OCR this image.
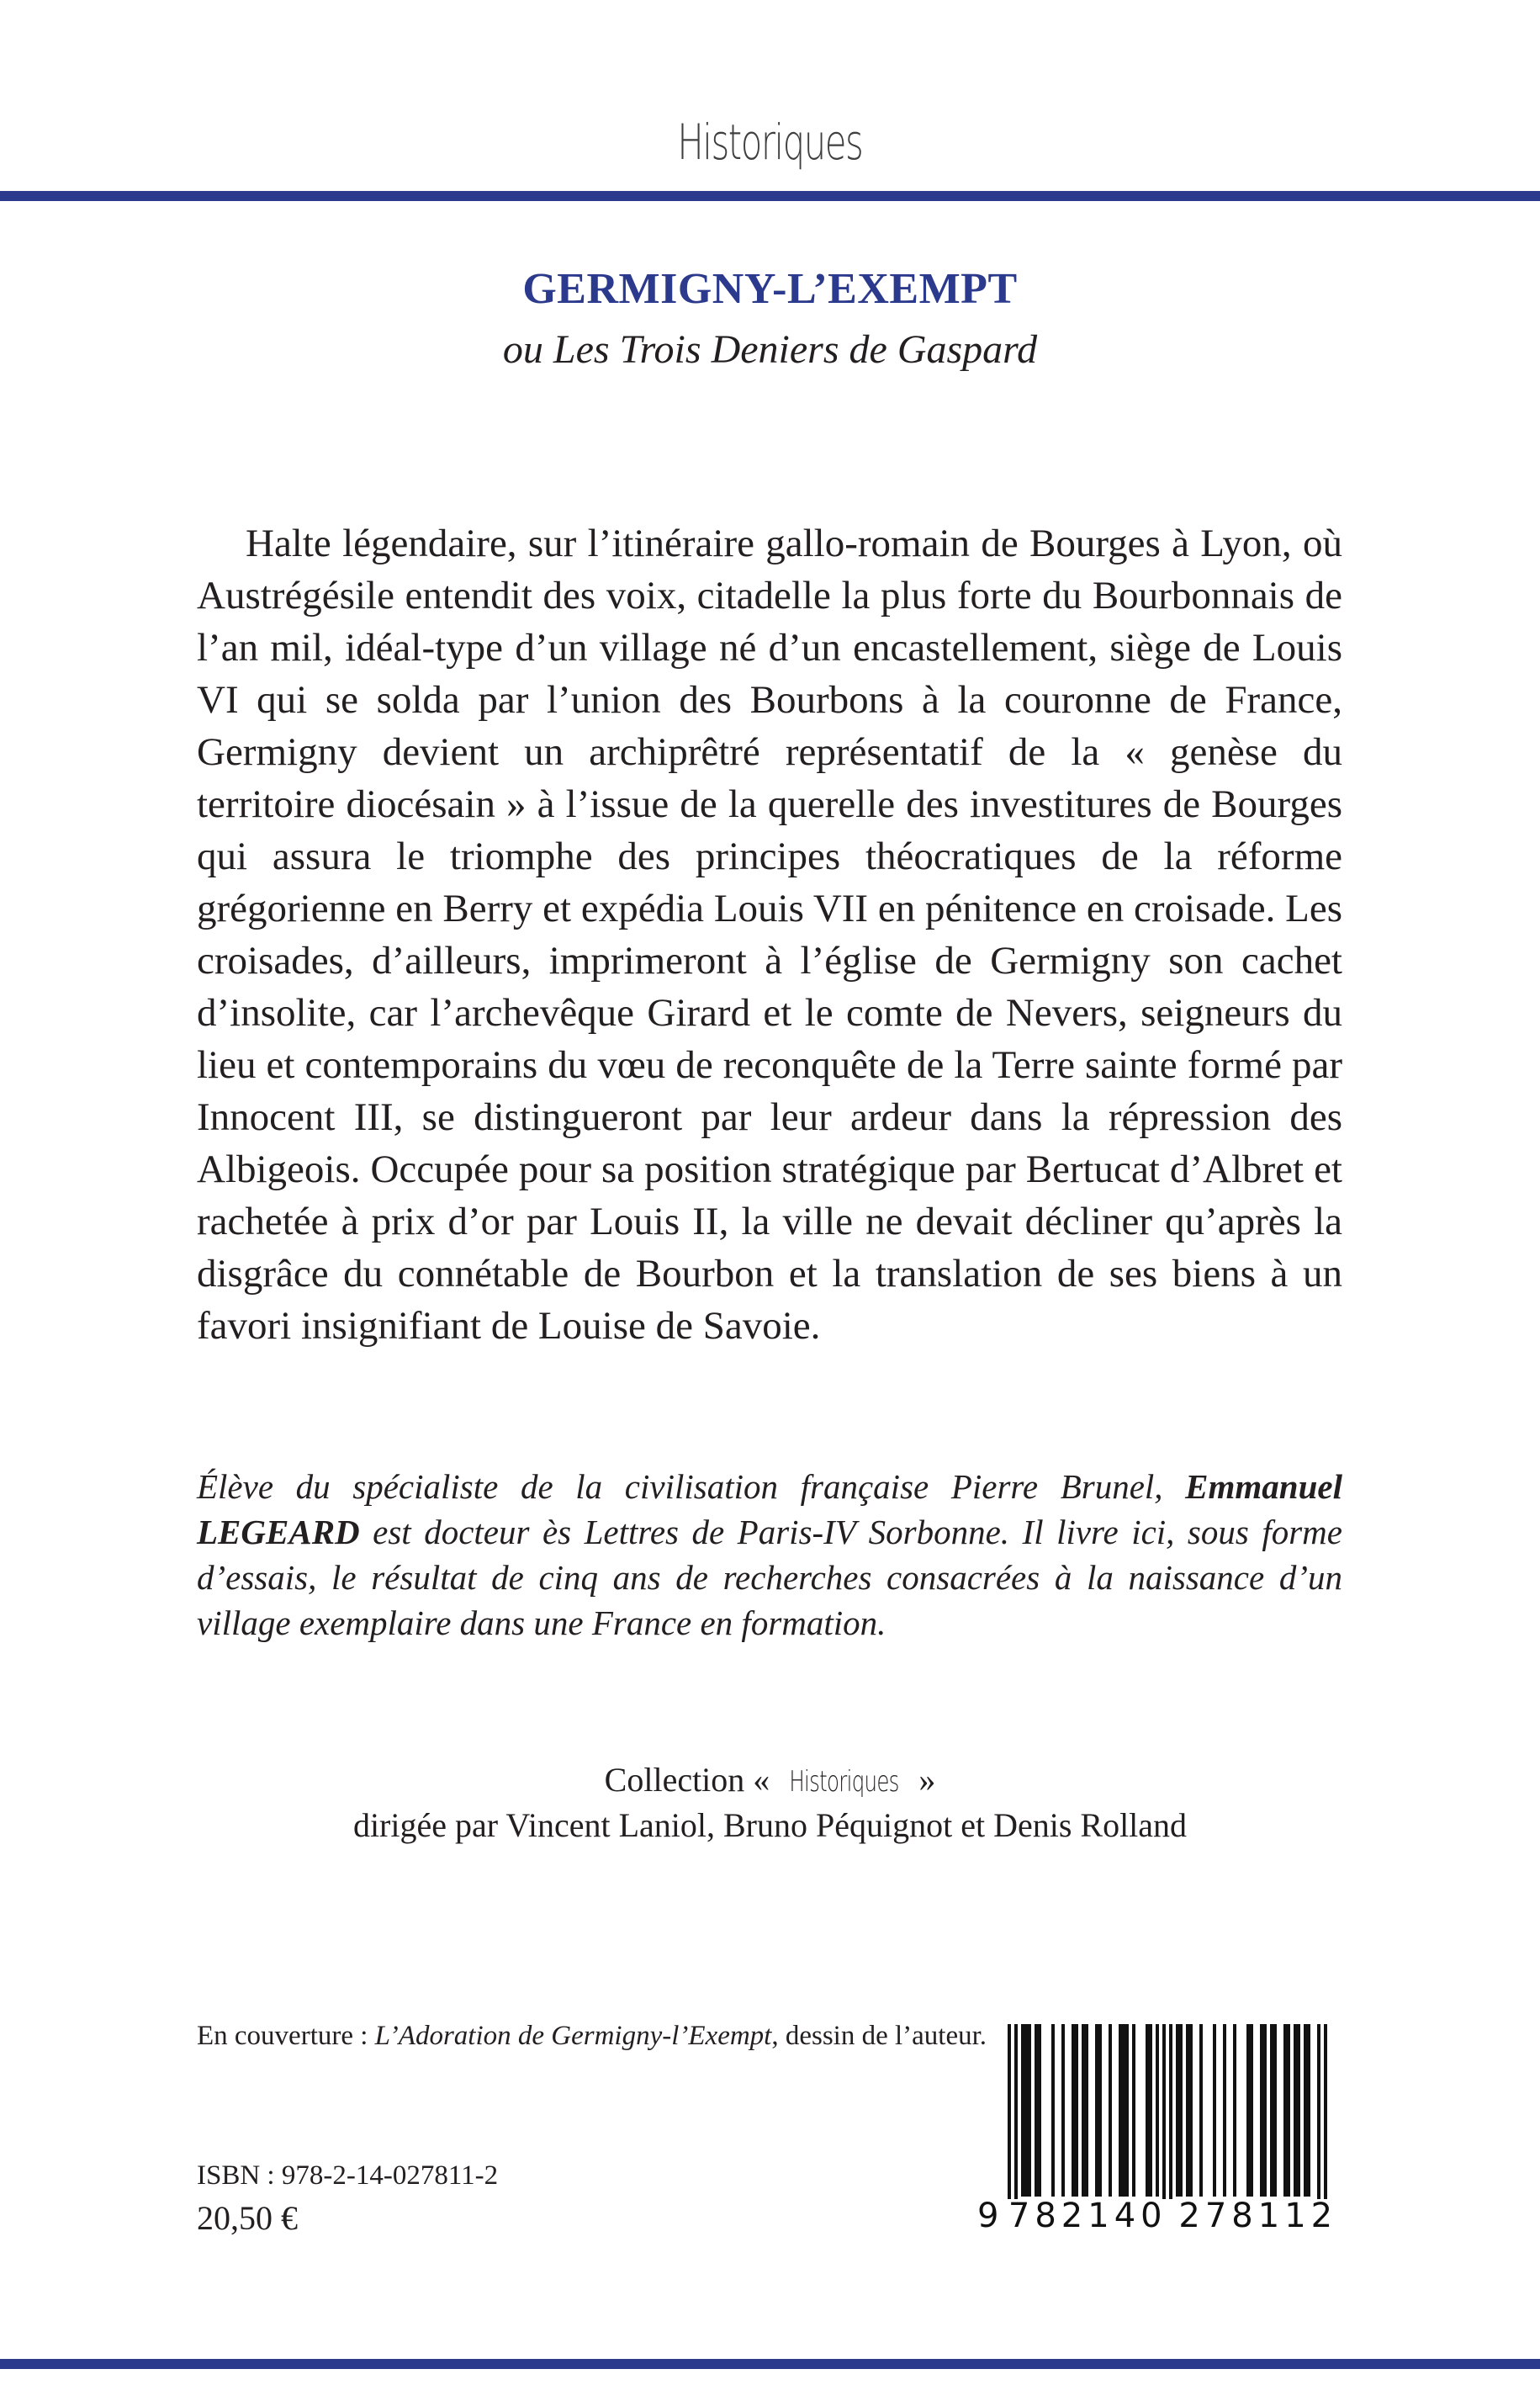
Historiques
GERMIGNY-L’EXEMPT
ou Les Trois Deniers de Gaspard

Halte légendaire, sur l’itinéraire gallo-romain de Bourges à Lyon, où Austrégésile entendit des voix, citadelle la plus forte du Bourbonnais de l’an mil, idéal-type d’un village né d’un encastellement, siège de Louis VI qui se solda par l’union des Bourbons à la couronne de France, Germigny devient un archiprêtré représentatif de la « genèse du territoire diocésain » à l’issue de la querelle des investitures de Bourges qui assura le triomphe des principes théocratiques de la réforme grégorienne en Berry et expédia Louis VII en pénitence en croisade. Les croisades, d’ailleurs, imprimeront à l’église de Germigny son cachet d’insolite, car l’archevêque Girard et le comte de Nevers, seigneurs du lieu et contemporains du vœu de reconquête de la Terre sainte formé par Innocent III, se distingueront par leur ardeur dans la répression des Albigeois. Occupée pour sa position stratégique par Bertucat d’Albret et rachetée à prix d’or par Louis II, la ville ne devait décliner qu’après la disgrâce du connétable de Bourbon et la translation de ses biens à un favori insignifiant de Louise de Savoie.

Élève du spécialiste de la civilisation française Pierre Brunel, Emmanuel LEGEARD est docteur ès Lettres de Paris-IV Sorbonne. Il livre ici, sous forme d’essais, le résultat de cinq ans de recherches consacrées à la naissance d’un village exemplaire dans une France en formation.

Collection « Historiques »
dirigée par Vincent Laniol, Bruno Péquignot et Denis Rolland
En couverture : L’Adoration de Germigny-l’Exempt, dessin de l’auteur.
ISBN : 978-2-14-027811-2
20,50 €	9 782140 278112
